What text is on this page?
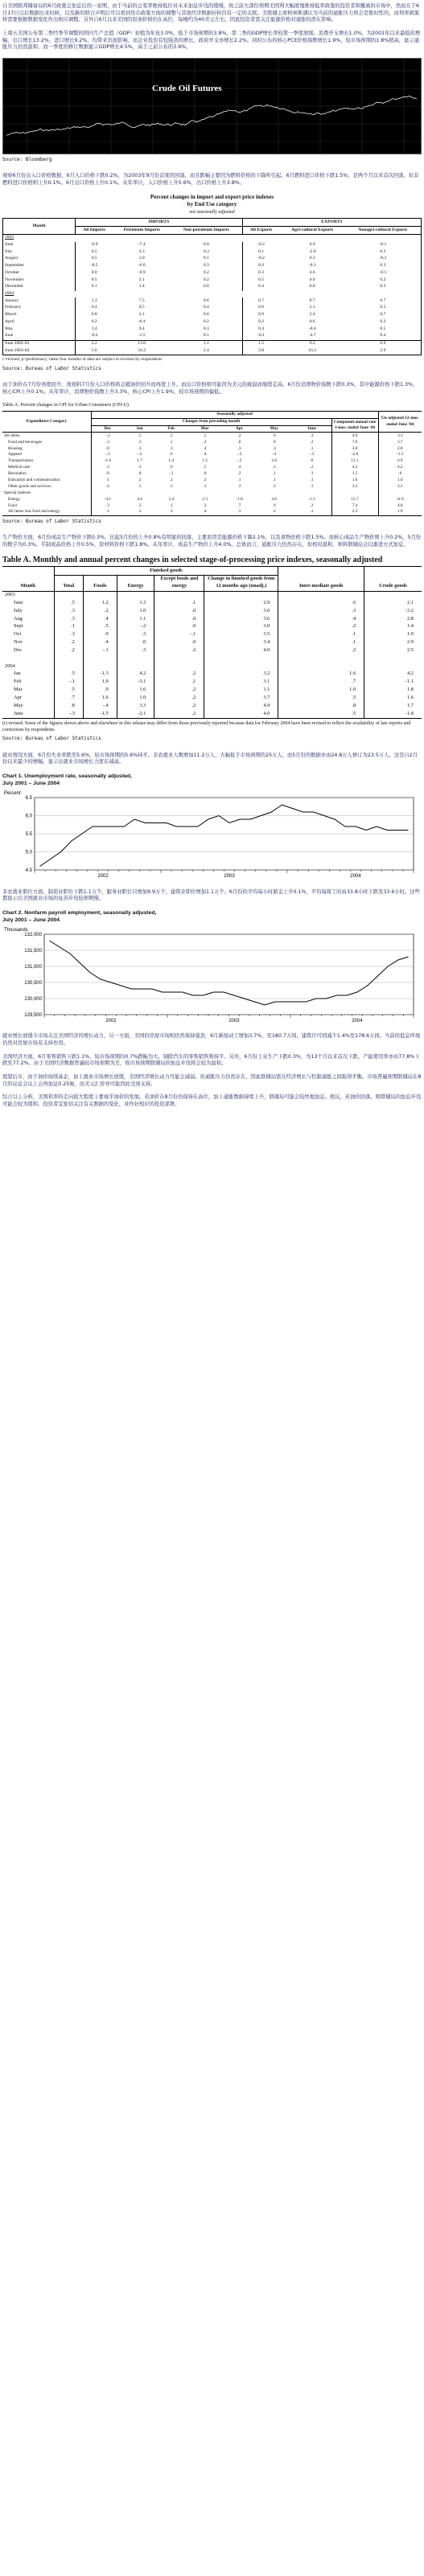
自美国联邦储备局的6月政策会加息后的一星期，由于当前的会变率维持低位对未来加息步伐的缓慢，故之前大部份预期美国利大幅度地维持低率政策的投资者和撤离的市场中，然而在于6月17日以后数据出来时候，以及新的联合声明后可以看到货币政策方面的调整与其他经济数据好转仍有一定的关联。美联储主席格林斯潘认为当前的通胀压力将会是暂时性的，而利率政策将需要根据数据变化作出相应调整。另外自6月以来美国的原油价格仍在高位，每桶约为40美元左右，因此投资者需关注能源价格对通胀的潜在影响。

上周五美国公布第二季经季节调整的国内生产总值（GDP）初值为年化3.0%，低于市场预期的3.8%，第二季的GDP增长率较第一季度放缓。消费开支增长1.0%，为2001年以来最低的增幅，出口增长13.2%，进口增长9.2%，均带来负面影响，而企业投资有较强劲的增长，政府开支亦增长2.2%。同时公布的核心PCE价格指数增长1.9%，较市场预期的1.8%稍高，显示通胀压力仍然温和，而一季度的修订数据显示GDP增长4.5%，高于之前公布的3.9%。

Crude Oil Futures
Source: Bloomberg

观察6月份出入口价格数据，6月入口价格下跌0.2%，为2003年9月份首度的回落，而且跌幅主要因为燃料价格的下降所引起。6月燃料进口价格下跌1.5%，是两个月以来首次回落，但非燃料进口价格则上升0.1%。6月出口价格上升0.1%。从年率计，入口价格上升5.6%，出口价格上升3.8%。

Percent changes in import and export price indexes
by End Use category
not seasonally adjusted
Month	IMPORTS			EXPORTS		
	All Imports	Petroleum Imports	Non-petroleum Imports	All Exports	Agri-cultural Exports	Nonagri-cultural Exports
2003						
June	-0.9	-7.4	0.0	-0.2	0.9	-0.1
July	0.5	2.3	0.3	0.1	-2.0	0.3
August	0.5	3.0	0.1	-0.2	0.3	-0.2
September	-0.5	-6.0	0.3	0.2	-0.1	0.3
October	0.0	-0.9	0.2	0.3	4.6	-0.1
November	0.5	2.1	0.2	0.5	4.0	0.2
December	0.1	1.4	0.0	0.4	0.8	0.3
2004						
January	1.3	7.5	0.6	0.7	0.7	0.7
February	0.4	0.5	0.4	0.6	2.1	0.5
March	0.8	2.1	0.6	0.9	2.4	0.7
April	0.2	-0.4	0.2	0.2	0.6	0.2
May	1.4	9.4	0.3	0.4	-0.4	0.5
June	-0.2	-1.5	0.1	-0.1	-4.7	0.4
June 2002-03	2.2	13.0	1.1	1.5	9.2	0.9
June 2003-04	5.6	34.2	2.4	3.8	16.2	2.9
r=revised, p=preliminary; latest four months of data are subject to revision by respondents
Source: Bureau of Labor Statistics

由于油价在7月份再度回升，故预料7月份入口价格将会随油价回升而再度上升。而出口价格则可能因为美元的疲弱而继续走高。6月份消费物价指数下跌0.3%，其中能源价格下跌1.3%，核心CPI上升0.1%，从年率计，消费物价指数上升3.3%，核心CPI上升1.9%，较市场预期的偏低。

Table A. Percent changes in CPI for Urban Consumers (CPI-U)
Expenditure Category	Seasonally adjusted								Un-adjusted 12-mos. ended June '04
	Changes from preceding month							Compound annual rate 3-mos. ended June '04	
	Dec	Jan	Feb	Mar	Apr	May	June		
All items	-.2	.5	.5	.5	.2	.6	.3	4.9	3.3
Food and beverages	.3	.3	.1	.2	.6	.9	.2	7.0	3.7
Housing	.0	.3	.3	.4	.3	.3	.1	3.0	2.8
Apparel	-.3	-.2	.6	.4	-.2	-.2	-.3	-2.8	-1.5
Transportation	-1.6	1.7	1.4	1.2	-.2	2.0	.6	12.1	6.9
Medical care	.2	.3	.6	.5	.4	.3	.2	4.2	4.2
Recreation	.0	.0	-.1	.0	.2	.1	.1	1.5	.6
Education and communication	.1	.2	.2	.3	.1	.1	.1	1.6	1.6
Other goods and services	.4	.1	.3	.3	.3	.3	.1	3.2	3.3
Special indexes									
Energy	-4.1	4.4	3.4	2.3	-1.8	4.6	-1.3	15.7	11.6
Food	.3	.3	.1	.2	.7	.9	.2	7.4	4.0
All items less food and energy	.1	.2	.3	.4	.3	.2	.1	2.3	1.9
Source: Bureau of Labor Statistics

生产物价方面，6月份成品生产物价下跌0.3%，比起5月份的上升0.8%有明显的回落，主要原因是能源价格下降2.1%，以及食物价格下跌1.5%。而核心成品生产物价则上升0.2%，5月份的数字为0.3%。半制成品价格上升0.5%，原材料价格下跌1.8%。从年率计，成品生产物价上升4.0%。总体而言，通胀压力仍然存在，但相对温和，预料联储局会以渐进方式加息。

Table A. Monthly and annual percent changes in selected stage-of-processing price indexes, seasonally adjusted
Month	Finished goods					Inter-mediate goods	Crude goods
	Total	Foods	Energy	Except foods and energy	Change in finished goods from 12 months ago (unadj.)		
2003							
June	.5	1.2	1.3	.1	2.9	.6	2.1
July	.3	.2	1.0	.0	3.0	.3	-3.2
Aug	.3	.4	1.1	.0	3.6	.4	2.8
Sept	.1	.5	-.2	.0	3.0	.2	1.4
Oct	.3	.9	.3	-.1	3.5	.1	1.0
Nov	.2	.4	.0	.0	3.4	.1	2.9
Dec	.2	-.1	.3	.2	4.0	.2	2.5

2004							
Jan	.5	-1.3	4.2	.2	3.2	1.6	4.2
Feb	-.1	1.0	-3.1	.1	3.1	.7	-1.1
Mar	.5	.9	1.6	.2	1.1	1.0	1.8
Apr	.7	1.6	1.0	.2	3.7	.5	1.6
May	.8	-.4	3.3	.2	4.9	.8	1.7
June	-.3	-1.5	-2.1	.2	4.0	.5	-1.8
(r) revised. Some of the figures shown above and elsewhere in this release may differ from those previously reported because data for February 2004 have been revised to reflect the availability of late reports and corrections by respondents.
Source: Bureau of Labor Statistics

就业情况方面，6月份失业率跌至5.6%，较市场预期的5.6%持平。非农就业人数增加11.2万人，大幅低于市场预期的25万人，而5月份的数据亦由24.8万人修订为23.5万人。这是自2月份以来最少的增幅，显示出就业市场增长力度在减弱。

Chart 1. Unemployment rate, seasonally adjusted,
July 2001 – June 2004
Percent
6.5
6.0
5.5
5.0
4.5
2002	2003	2004

非农就业职位方面，制造业职位下跌1.1万个，服务业职位只增加9.9万个，建筑业职位增加1.1万个。6月份的平均每小时薪金上升0.1%，平均每周工时由33.8小时下跌至33.6小时。这些都显示出美国就业市场的复苏步伐较预期慢。

Chart 2. Nonfarm payroll employment, seasonally adjusted,
July 2001 – June 2004
Thousands
132,000
131,500
131,000
130,500
130,000
129,500
2002	2003	2004

就业增长放缓令市场关注美国经济的增长动力，另一方面，美国的房屋市场则仍然保持强劲，6月新屋动工增加3.7%，至180.7万间，建筑许可则减少1.4%至178.6万间。当前的低息环境仍然对房屋市场有支持作用。

美国经济方面，6月零售销售下跌1.1%，较市场预期的0.7%跌幅为大。剔除汽车的零售销售则持平。另外，6月份工业生产下跌0.3%，为13个月以来首次下跌，产能使用率亦由77.8%下跌至77.2%。由于美国经济数据普遍较市场预期为差，故市场预期联储局的加息步伐将会较为温和。

展望后市，由于油价持续高企，加上就业市场增长放缓，美国经济增长动力可能会减弱。但通胀压力仍然存在，因此联储局需在经济增长与控制通胀之间取得平衡。市场普遍预期联储局在8月的议息会议上会再加息0.25厘，而美元汇价亦可能因此受到支持。

综合以上分析，美国利率的走向很大程度上要视乎油价的发展。若油价在8月份仍保持在高位，加上通胀数据持续上升，联储局可能会较快地加息。相反，若油价回落，则联储局的加息步伐可能会较为缓和。投资者宜密切关注有关数据的变化，并作好相应的投资部署。
